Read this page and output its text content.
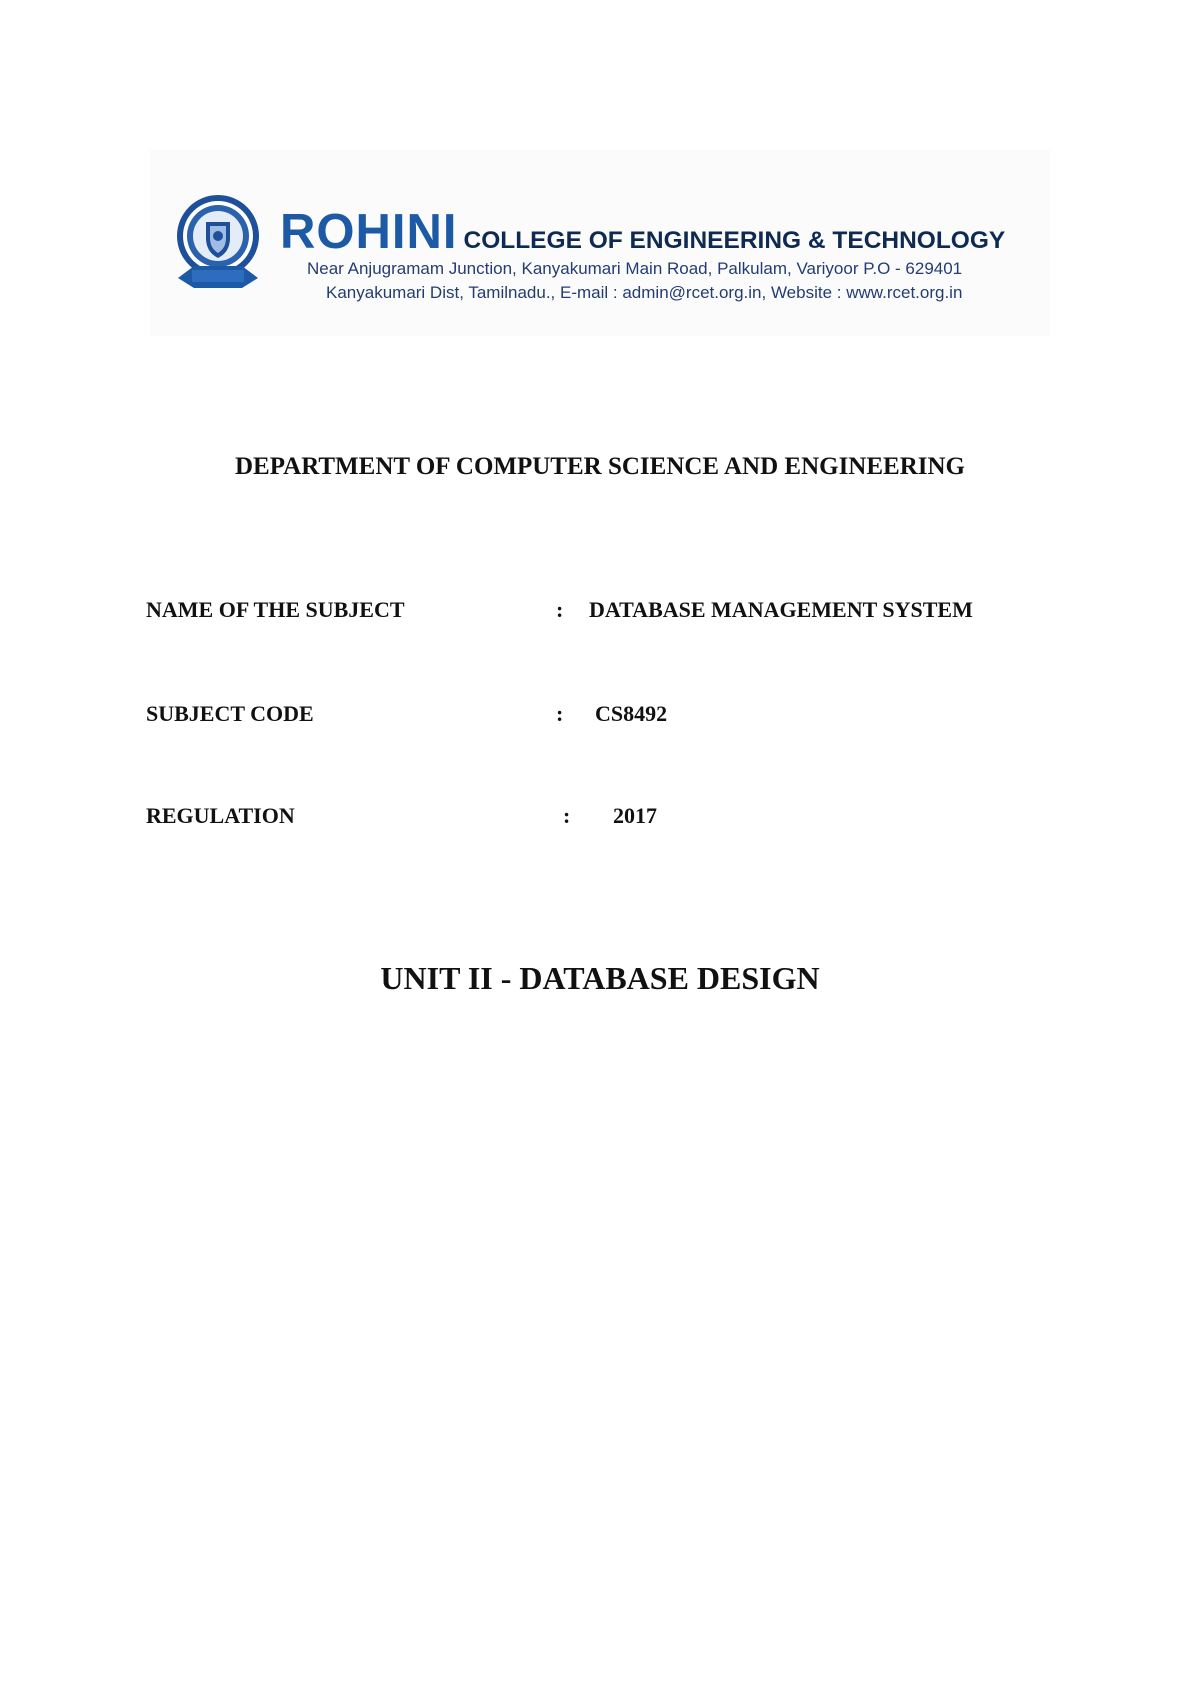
ROHINI COLLEGE OF ENGINEERING & TECHNOLOGY
Near Anjugramam Junction, Kanyakumari Main Road, Palkulam, Variyoor P.O - 629401
Kanyakumari Dist, Tamilnadu., E-mail : admin@rcet.org.in, Website : www.rcet.org.in
DEPARTMENT OF COMPUTER SCIENCE AND ENGINEERING
NAME OF THE SUBJECT	: DATABASE MANAGEMENT SYSTEM
SUBJECT CODE	: CS8492
REGULATION	: 2017
UNIT II - DATABASE DESIGN
